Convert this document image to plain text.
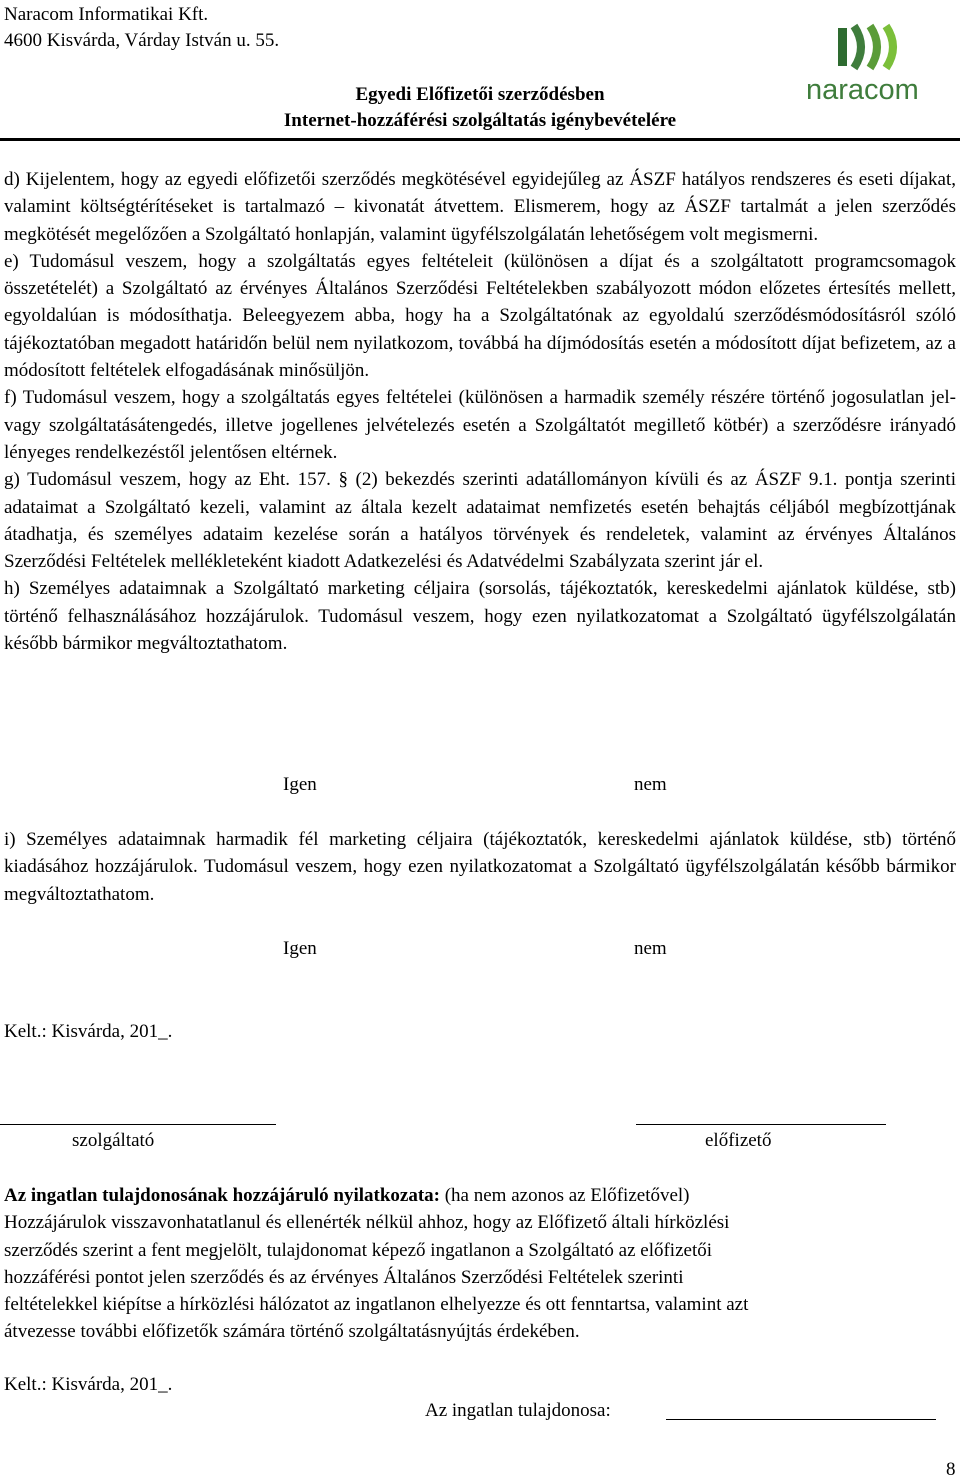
Naracom Informatikai Kft.
4600 Kisvárda, Várday István u. 55.
Egyedi Előfizetői szerződésben
Internet-hozzáférési szolgáltatás igénybevételére
naracom

d) Kijelentem, hogy az egyedi előfizetői szerződés megkötésével egyidejűleg az ÁSZF hatályos rendszeres és eseti díjakat, valamint költségtérítéseket is tartalmazó – kivonatát átvettem. Elismerem, hogy az ÁSZF tartalmát a jelen szerződés megkötését megelőzően a Szolgáltató honlapján, valamint ügyfélszolgálatán lehetőségem volt megismerni.

e) Tudomásul veszem, hogy a szolgáltatás egyes feltételeit (különösen a díjat és a szolgáltatott programcsomagok összetételét) a Szolgáltató az érvényes Általános Szerződési Feltételekben szabályozott módon előzetes értesítés mellett, egyoldalúan is módosíthatja. Beleegyezem abba, hogy ha a Szolgáltatónak az egyoldalú szerződésmódosításról szóló tájékoztatóban megadott határidőn belül nem nyilatkozom, továbbá ha díjmódosítás esetén a módosított díjat befizetem, az a módosított feltételek elfogadásának minősüljön.

f) Tudomásul veszem, hogy a szolgáltatás egyes feltételei (különösen a harmadik személy részére történő jogosulatlan jel- vagy szolgáltatásátengedés, illetve jogellenes jelvételezés esetén a Szolgáltatót megillető kötbér) a szerződésre irányadó lényeges rendelkezéstől jelentősen eltérnek.

g) Tudomásul veszem, hogy az Eht. 157. § (2) bekezdés szerinti adatállományon kívüli és az ÁSZF 9.1. pontja szerinti adataimat a Szolgáltató kezeli, valamint az általa kezelt adataimat nemfizetés esetén behajtás céljából megbízottjának átadhatja, és személyes adataim kezelése során a hatályos törvények és rendeletek, valamint az érvényes Általános Szerződési Feltételek mellékleteként kiadott Adatkezelési és Adatvédelmi Szabályzata szerint jár el.

h) Személyes adataimnak a Szolgáltató marketing céljaira (sorsolás, tájékoztatók, kereskedelmi ajánlatok küldése, stb) történő felhasználásához hozzájárulok. Tudomásul veszem, hogy ezen nyilatkozatomat a Szolgáltató ügyfélszolgálatán később bármikor megváltoztathatom.

Igen	nem

i) Személyes adataimnak harmadik fél marketing céljaira (tájékoztatók, kereskedelmi ajánlatok küldése, stb) történő kiadásához hozzájárulok. Tudomásul veszem, hogy ezen nyilatkozatomat a Szolgáltató ügyfélszolgálatán később bármikor megváltoztathatom.

Igen	nem
Kelt.: Kisvárda, 201_.
szolgáltató	előfizető

Az ingatlan tulajdonosának hozzájáruló nyilatkozata: (ha nem azonos az Előfizetővel)

Hozzájárulok visszavonhatatlanul és ellenérték nélkül ahhoz, hogy az Előfizető általi hírközlési

szerződés szerint a fent megjelölt, tulajdonomat képező ingatlanon a Szolgáltató az előfizetői

hozzáférési pontot jelen szerződés és az érvényes Általános Szerződési Feltételek szerinti

feltételekkel kiépítse a hírközlési hálózatot az ingatlanon elhelyezze és ott fenntartsa, valamint azt

átvezesse további előfizetők számára történő szolgáltatásnyújtás érdekében.

Kelt.: Kisvárda, 201_.
Az ingatlan tulajdonosa:
8
